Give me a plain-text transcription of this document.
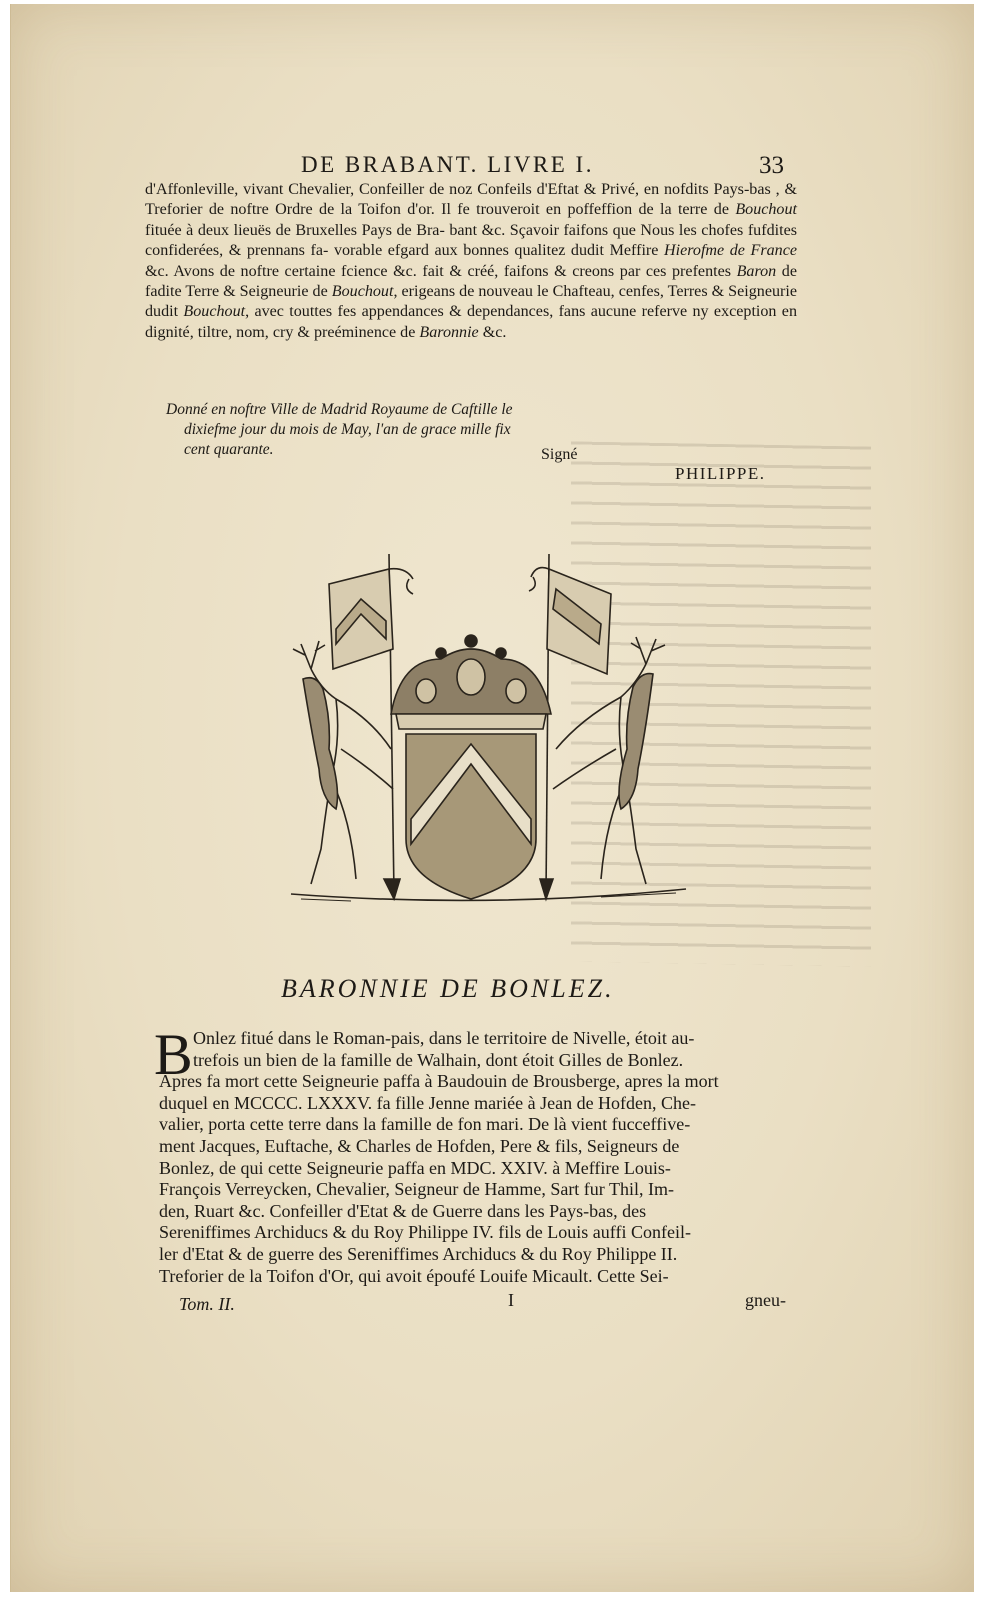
DE BRABANT. LIVRE I.	33

d'Affonleville, vivant Chevalier, Confeiller de noz Confeils d'Eftat & Privé, en nofdits Pays-bas , & Treforier de noftre Ordre de la Toifon d'or. Il fe trouveroit en poffeffion de la terre de Bouchout fituée à deux lieuës de Bruxelles Pays de Bra- bant &c. Sçavoir faifons que Nous les chofes fufdites confiderées, & prennans fa- vorable efgard aux bonnes qualitez dudit Meffire Hierofme de France &c. Avons de noftre certaine fcience &c. fait & créé, faifons & creons par ces prefentes Baron de fadite Terre & Seigneurie de Bouchout, erigeans de nouveau le Chafteau, cenfes, Terres & Seigneurie dudit Bouchout, avec touttes fes appendances & dependances, fans aucune referve ny exception en dignité, tiltre, nom, cry & preéminence de Baronnie &c.

Donné en noftre Ville de Madrid Royaume de Caftille le
dixiefme jour du mois de May, l'an de grace mille fix
cent quarante.	Signé
PHILIPPE.
BARONNIE DE BONLEZ.
B Onlez fitué dans le Roman-pais, dans le territoire de Nivelle, étoit au-
trefois un bien de la famille de Walhain, dont étoit Gilles de Bonlez.
Apres fa mort cette Seigneurie paffa à Baudouin de Brousberge, apres la mort
duquel en MCCCC. LXXXV. fa fille Jenne mariée à Jean de Hofden, Che-
valier, porta cette terre dans la famille de fon mari. De là vient fucceffive-
ment Jacques, Euftache, & Charles de Hofden, Pere & fils, Seigneurs de
Bonlez, de qui cette Seigneurie paffa en MDC. XXIV. à Meffire Louis-
François Verreycken, Chevalier, Seigneur de Hamme, Sart fur Thil, Im-
den, Ruart &c. Confeiller d'Etat & de Guerre dans les Pays-bas, des
Sereniffimes Archiducs & du Roy Philippe IV. fils de Louis auffi Confeil-
ler d'Etat & de guerre des Sereniffimes Archiducs & du Roy Philippe II.
Treforier de la Toifon d'Or, qui avoit époufé Louife Micault. Cette Sei-
Tom. II.	I	gneu-
